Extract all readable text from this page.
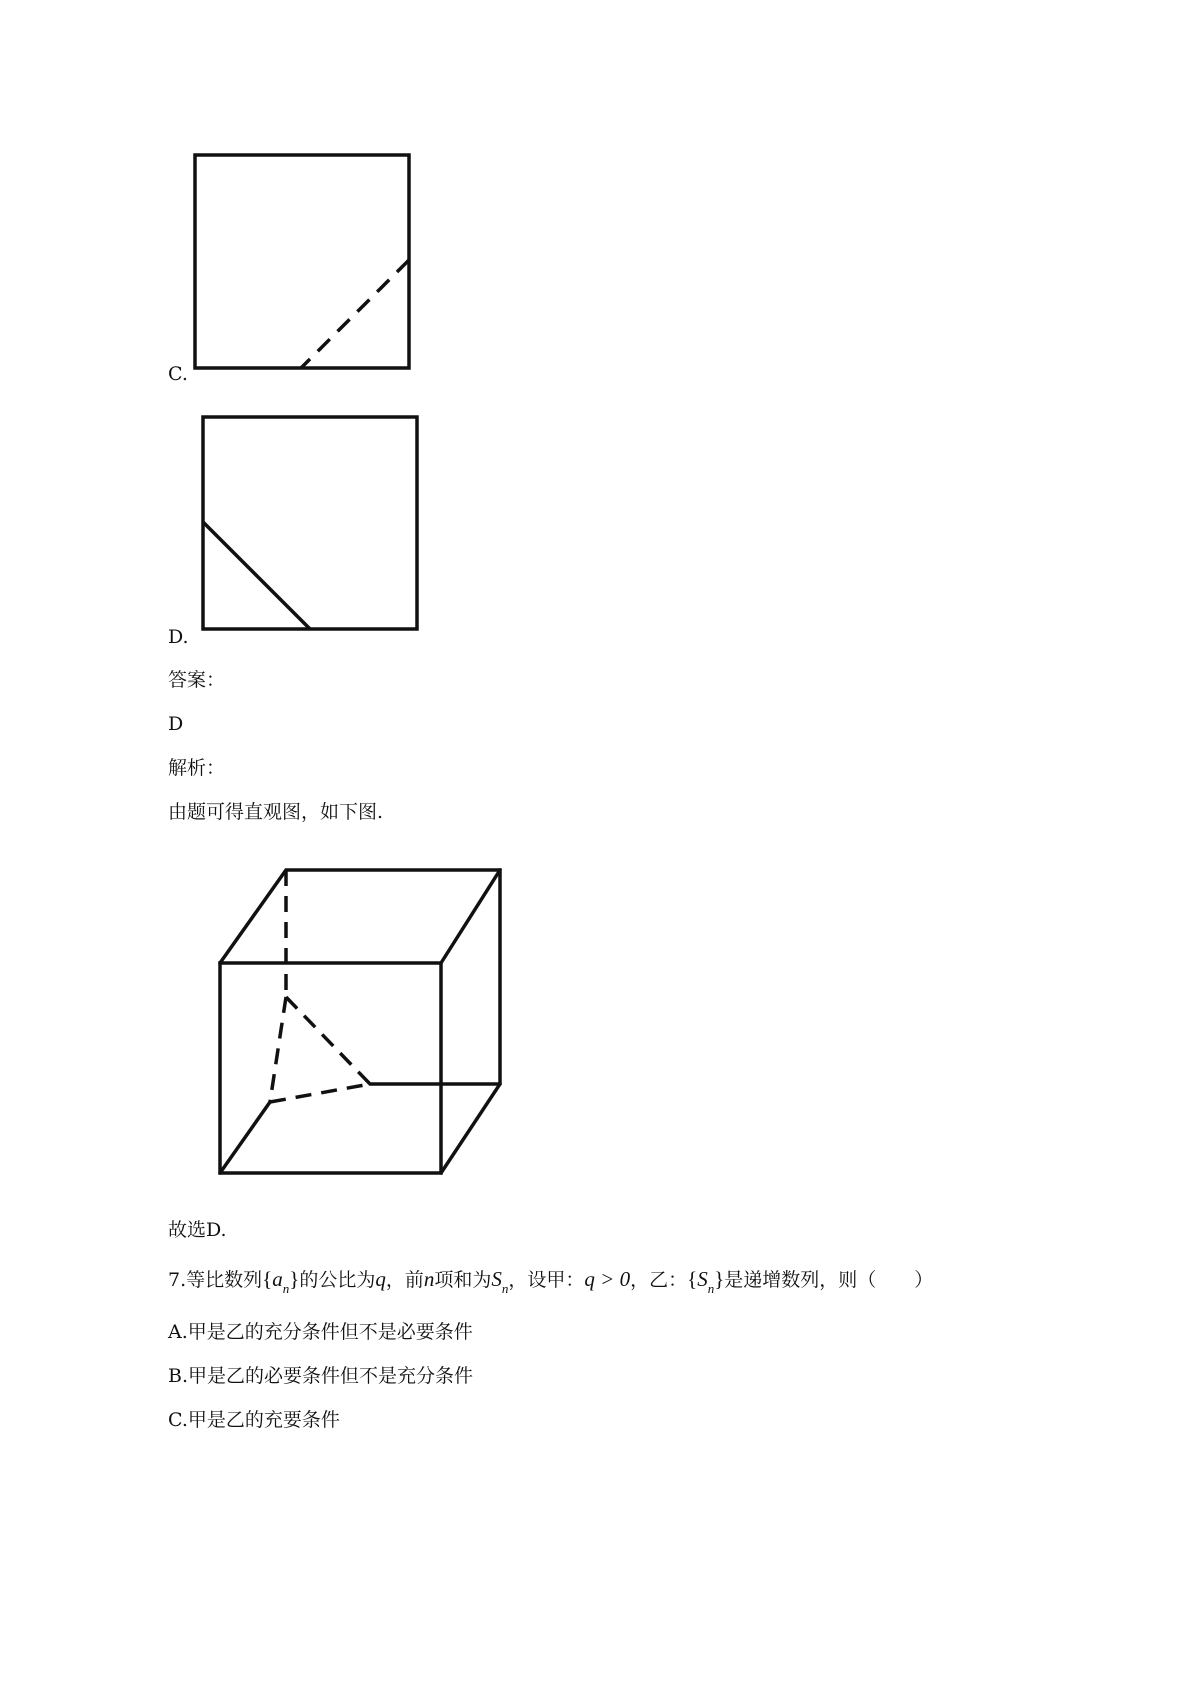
C.
D.
答案：
D
解析：
由题可得直观图，如下图.
故选D.
7.等比数列$\{a_n\}$的公比为q，前n项和为$S_n$，设甲：q > 0，乙：$\{S_n\}$是递增数列，则（　　）
A.甲是乙的充分条件但不是必要条件
B.甲是乙的必要条件但不是充分条件
C.甲是乙的充要条件
